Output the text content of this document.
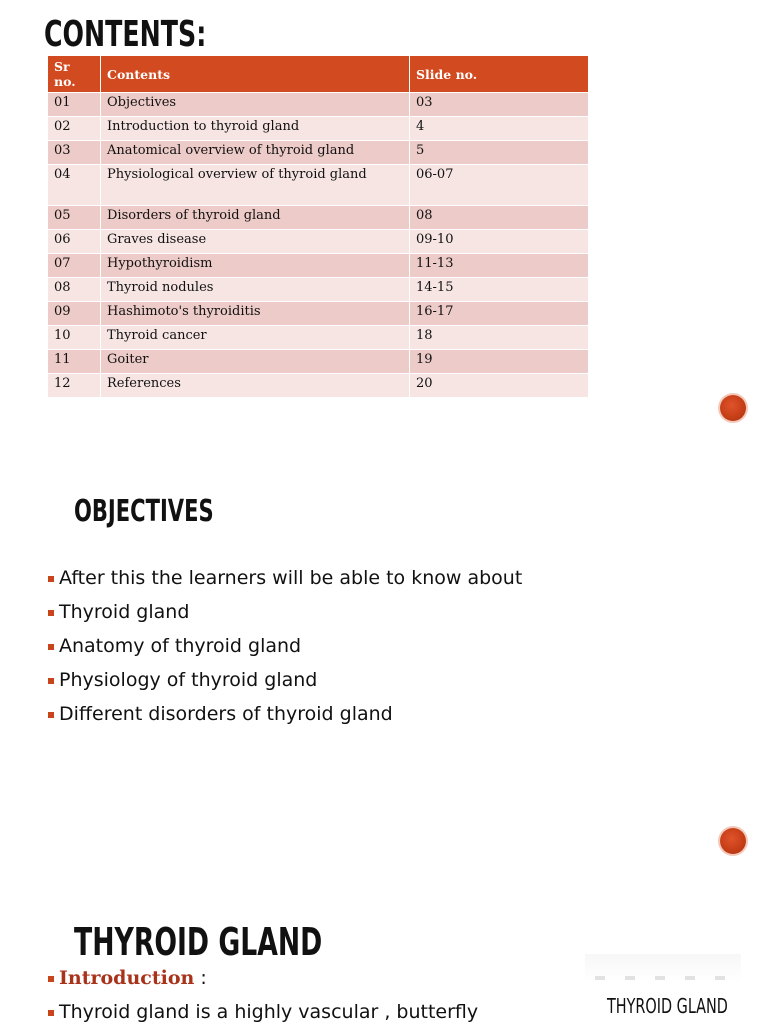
CONTENTS:
Sr no.	Contents	Slide no.
01	Objectives	03
02	Introduction to thyroid gland	4
03	Anatomical overview of thyroid gland	5
04	Physiological overview of thyroid gland	06-07
05	Disorders of thyroid gland	08
06	Graves disease	09-10
07	Hypothyroidism	11-13
08	Thyroid nodules	14-15
09	Hashimoto's thyroiditis	16-17
10	Thyroid cancer	18
11	Goiter	19
12	References	20
OBJECTIVES
After this the learners will be able to know about
Thyroid gland
Anatomy of thyroid gland
Physiology of thyroid gland
Different disorders of thyroid gland
THYROID GLAND
Introduction :
Thyroid gland is a highly vascular , butterfly	THYROID GLAND
